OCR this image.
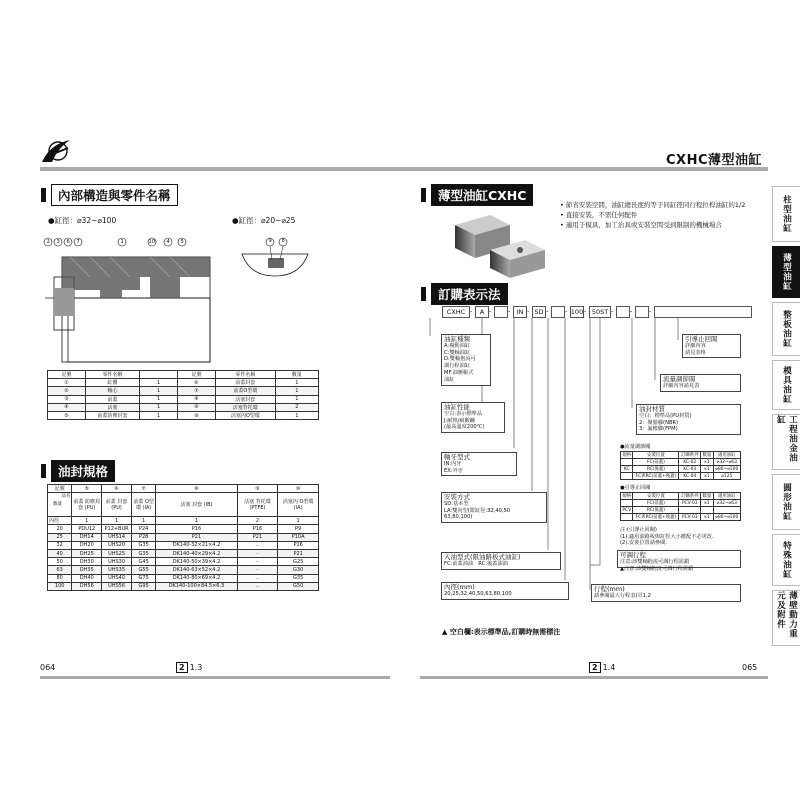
CXHC薄型油缸
內部構造與零件名稱
●缸徑：⌀32~⌀100	●缸徑：⌀20~⌀25
2 3 6 7	1	10 4 5	9 8
記號	零件名稱		記號	零件名稱	數量
①	缸體	1	⑥	前蓋封套	1
②	軸心	1	⑦	前蓋O型環	1
③	前蓋	1	⑧	活塞封套	1
④	活塞	1	⑨	活塞背托環	2
⑤	前蓋防塵封套	1	⑩	活塞內O型環	1
油封規格
記號	⑤	⑥	⑦	⑧	⑨	⑩

品名
數量	前蓋 防塵封套 (PU)	前蓋 封套 (PU)	前蓋 O型環 (IA)	活塞 封套 (IB)	活塞 背托環 (PTFE)	活塞內 O型環 (IA)
內徑	1	1	1	1	2	1
20	PDU12	P12+BUR	P24	P16	P16	P9
25	DH14	UHS14	P28	P21	P21	P10A
32	DH20	UHS20	G35	DK140-32×21×4.2	－	P16
40	DH25	UHS25	G35	DK140-40×29×4.2	－	P21
50	DH30	UHS30	G45	DK140-50×39×4.2	－	G25
63	DH35	UHS35	G55	DK140-63×52×4.2	－	G30
80	DH40	UHS40	G75	DK140-80×69×4.2	－	G35
100	DH56	UHS56	G95	DK140-100×84.5×6.3	－	G50
064	2 1.3
薄型油缸CXHC
• 節省安裝空間，油缸總長度約等于同缸徑同行程拉桿油缸的1/2
• 直接安裝，不需任何配件
• 適用于模具，加工治具或安裝空間受到限制的機械場合
訂購表示法
CXHC -	A -	- IN - SD -	- 100 - 50ST -	-	-
油缸種類
A:複動油缸
C:雙軸油缸
D:雙軸抱流可
調行程油缸
MF:油壓帳式
油缸
油缸性能
空白:表示標準品
J:耐熱/耐酸鹼
(最高溫度200℃)
軸牙型式
IN:內牙
EX:外牙
安裝方式
SD:基本型
LA:雙向型(限缸徑:32,40,50
63,80,100)
入油型式(限油路板式油缸)
FC:前蓋油油　RC:後蓋油油
內徑(mm)
20,25,32,40,50,63,80,100
行程(mm)
請參閱最大行程表(頁1.2
可調行程
注意:該雙軸抱流可調行程需鎖
油封材質
空白：標準品(PU材質)
2：聚腈膠(NBR)
3：氟橡膠(FPM)
流量調節閥
詳細內容請見表
引導止回閥
詳細內容
請見表格
●流量調節閥
規格	安裝位置	訂購系列	數量	適用油缸
	FC(前蓋)	KC-02	x1	⌀32~⌀63
KC	RC(後蓋)	KC-03	x1	⌀80~⌀100
	FC與RC(前蓋+後蓋)	KC-04	x1	⌀125
●引導止回閥
規格	安裝位置	訂購系列	數量	適用油缸
	FC(前蓋)	PCV-03	x1	⌀32~⌀63
PCV	RC(後蓋)			
	FC與RC(前蓋+後蓋)	PCV-03	x1	⌀80~⌀100
注:(引導止回閥)
(1).適用油路板與缸徑大小應配不必更改.
(2).安裝位置請參閱.
▲注意:該雙軸抱流可調行程需鎖
▲ 空白欄:表示標準品,訂購時無需標注
2 1.4	065
柱型油缸
薄型油缸
整板油缸
模具油缸
工程油金油缸
圓形油缸
特殊油缸
薄壁動力重元及附件
